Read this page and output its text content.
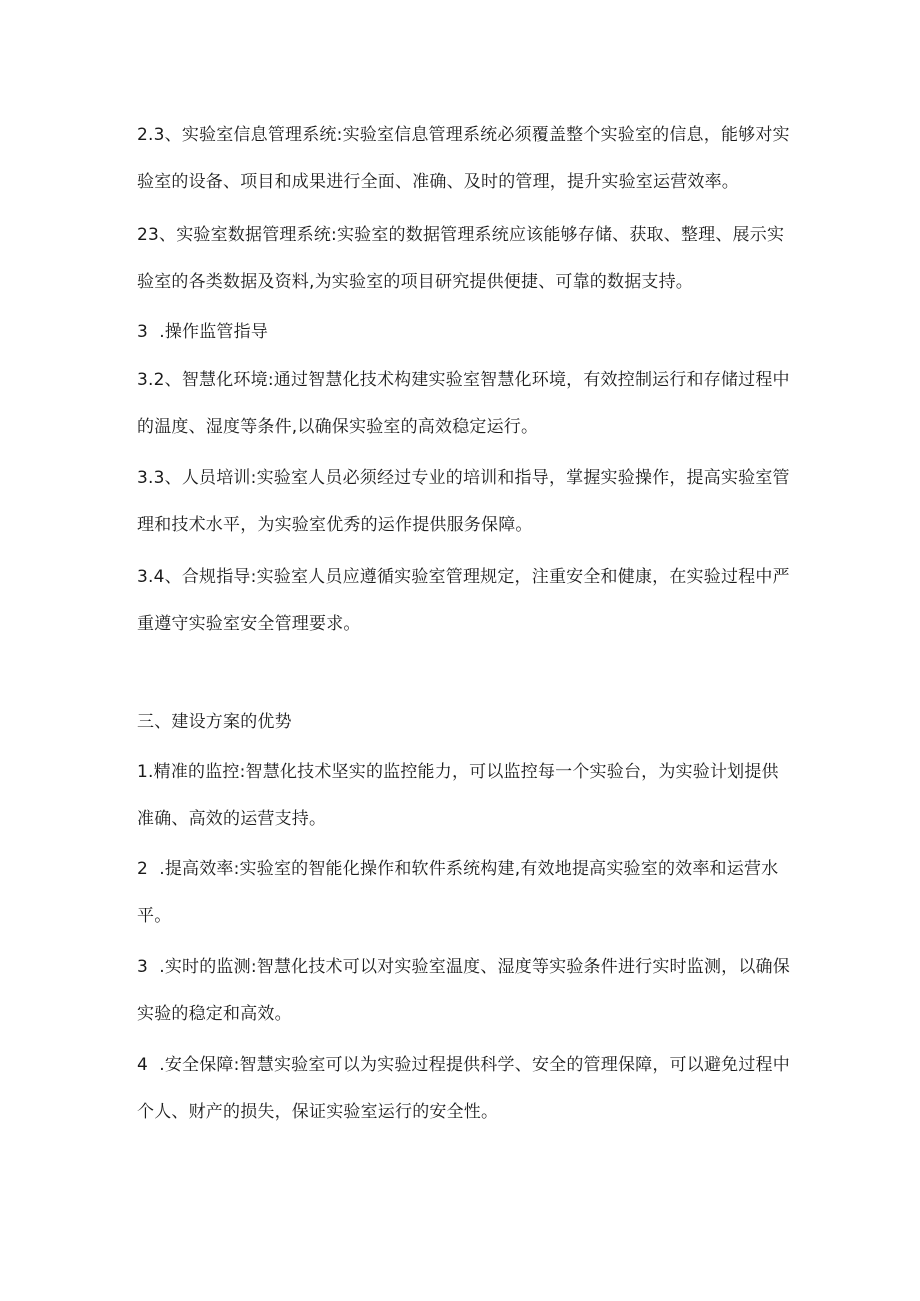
2.3、实验室信息管理系统:实验室信息管理系统必须覆盖整个实验室的信息，能够对实
验室的设备、项目和成果进行全面、准确、及时的管理，提升实验室运营效率。
23、实验室数据管理系统:实验室的数据管理系统应该能够存储、获取、整理、展示实
验室的各类数据及资料,为实验室的项目研究提供便捷、可靠的数据支持。
3  .操作监管指导
3.2、智慧化环境:通过智慧化技术构建实验室智慧化环境，有效控制运行和存储过程中
的温度、湿度等条件,以确保实验室的高效稳定运行。
3.3、人员培训:实验室人员必须经过专业的培训和指导，掌握实验操作，提高实验室管
理和技术水平，为实验室优秀的运作提供服务保障。
3.4、合规指导:实验室人员应遵循实验室管理规定，注重安全和健康，在实验过程中严
重遵守实验室安全管理要求。
三、建设方案的优势
1.精准的监控:智慧化技术坚实的监控能力，可以监控每一个实验台，为实验计划提供
准确、高效的运营支持。
2  .提高效率:实验室的智能化操作和软件系统构建,有效地提高实验室的效率和运营水
平。
3  .实时的监测:智慧化技术可以对实验室温度、湿度等实验条件进行实时监测，以确保
实验的稳定和高效。
4  .安全保障:智慧实验室可以为实验过程提供科学、安全的管理保障，可以避免过程中
个人、财产的损失，保证实验室运行的安全性。
